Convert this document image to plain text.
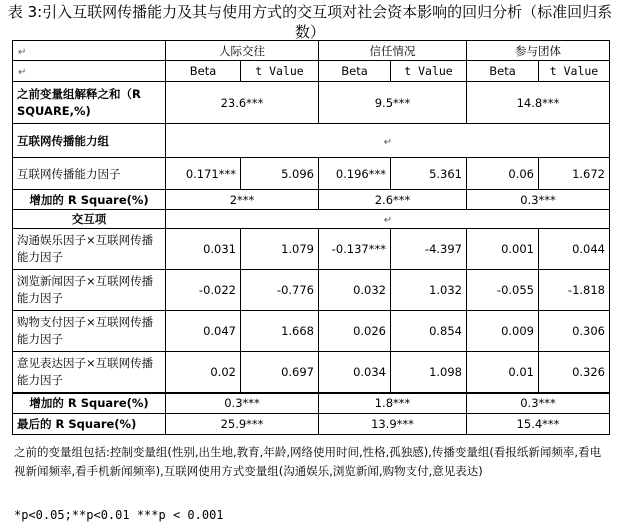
表 3:引入互联网传播能力及其与使用方式的交互项对社会资本影响的回归分析（标准回归系数）
↵	人际交往		信任情况		参与团体	
↵	Beta	t Value	Beta	t Value	Beta	t Value
之前变量组解释之和（R SQUARE,%)	23.6***		9.5***		14.8***	
互联网传播能力组	↵					
互联网传播能力因子	0.171***	5.096	0.196***	5.361	0.06	1.672
增加的 R Square(%)	2***		2.6***		0.3***	
交互项	↵					
沟通娱乐因子×互联网传播能力因子	0.031	1.079	-0.137***	-4.397	0.001	0.044
浏览新闻因子×互联网传播能力因子	-0.022	-0.776	0.032	1.032	-0.055	-1.818
购物支付因子×互联网传播能力因子	0.047	1.668	0.026	0.854	0.009	0.306
意见表达因子×互联网传播能力因子	0.02	0.697	0.034	1.098	0.01	0.326
增加的 R Square(%)	0.3***		1.8***		0.3***	
最后的 R Square(%)	25.9***		13.9***		15.4***	
之前的变量组包括:控制变量组(性别,出生地,教育,年龄,网络使用时间,性格,孤独感),传播变量组(看报纸新闻频率,看电视新闻频率,看手机新闻频率),互联网使用方式变量组(沟通娱乐,浏览新闻,购物支付,意见表达)
*p<0.05;**p<0.01 ***p < 0.001
